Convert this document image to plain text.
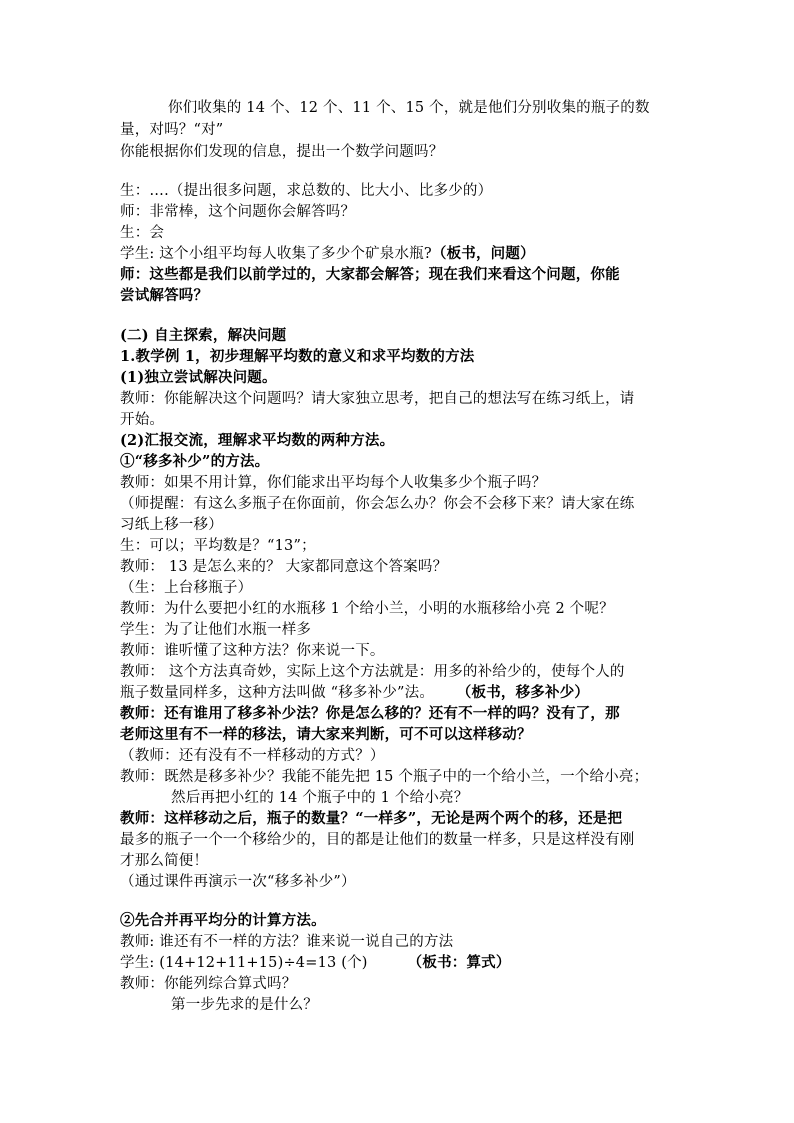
你们收集的 14 个、12 个、11 个、15 个，就是他们分别收集的瓶子的数
量，对吗？“对”
你能根据你们发现的信息，提出一个数学问题吗？
生：….（提出很多问题，求总数的、比大小、比多少的）
师：非常棒，这个问题你会解答吗？
生：会
学生: 这个小组平均每人收集了多少个矿泉水瓶?（板书，问题）
师：这些都是我们以前学过的，大家都会解答；现在我们来看这个问题，你能
尝试解答吗？
(二) 自主探索，解决问题
1.教学例 1，初步理解平均数的意义和求平均数的方法
(1)独立尝试解决问题。
教师：你能解决这个问题吗？请大家独立思考，把自己的想法写在练习纸上，请
开始。
(2)汇报交流，理解求平均数的两种方法。
①“移多补少”的方法。
教师：如果不用计算，你们能求出平均每个人收集多少个瓶子吗？
（师提醒：有这么多瓶子在你面前，你会怎么办？你会不会移下来？请大家在练
习纸上移一移）
生：可以；平均数是？“13”；
教师： 13 是怎么来的？ 大家都同意这个答案吗？
（生：上台移瓶子）
教师：为什么要把小红的水瓶移 1 个给小兰，小明的水瓶移给小亮 2 个呢？
学生：为了让他们水瓶一样多
教师：谁听懂了这种方法？你来说一下。
教师： 这个方法真奇妙，实际上这个方法就是：用多的补给少的，使每个人的
瓶子数量同样多，这种方法叫做 “移多补少”法。 （板书，移多补少）
教师：还有谁用了移多补少法？你是怎么移的？还有不一样的吗？没有了，那
老师这里有不一样的移法，请大家来判断，可不可以这样移动？
（教师：还有没有不一样移动的方式？）
教师：既然是移多补少？我能不能先把 15 个瓶子中的一个给小兰，一个给小亮；
然后再把小红的 14 个瓶子中的 1 个给小亮？
教师：这样移动之后，瓶子的数量？“一样多”，无论是两个两个的移，还是把
最多的瓶子一个一个移给少的，目的都是让他们的数量一样多，只是这样没有刚
才那么简便！
（通过课件再演示一次“移多补少”）
②先合并再平均分的计算方法。
教师: 谁还有不一样的方法？谁来说一说自己的方法
学生: (14+12+11+15)÷4=13 (个)	（板书：算式）
教师：你能列综合算式吗？
第一步先求的是什么？
